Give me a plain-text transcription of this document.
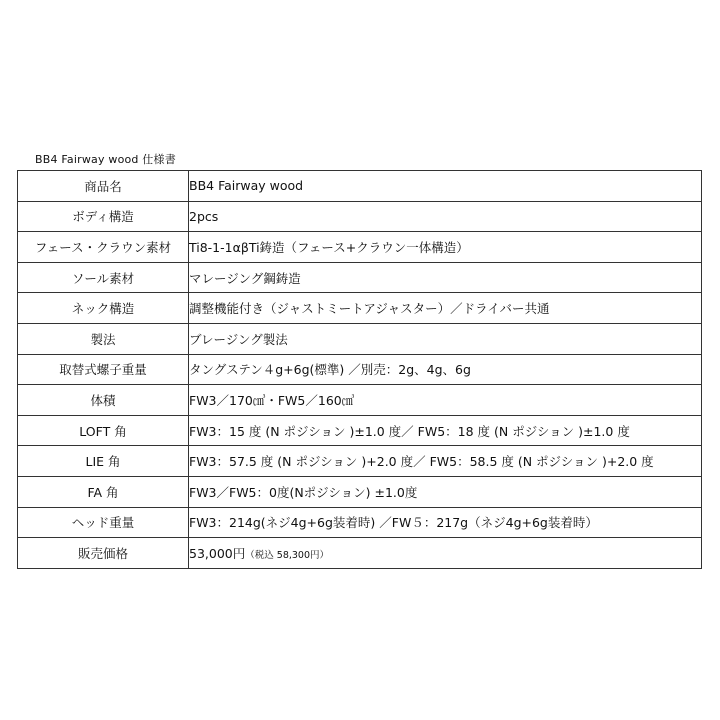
BB4 Fairway wood 仕様書
商品名	BB4 Fairway wood
ボディ構造	2pcs
フェース・クラウン素材	Ti8-1-1αβTi鋳造（フェース+クラウン一体構造）
ソール素材	マレージング鋼鋳造
ネック構造	調整機能付き（ジャストミートアジャスター）／ドライバー共通
製法	ブレージング製法
取替式螺子重量	タングステン４g+6g(標準) ／別売：2g、4g、6g
体積	FW3／170㎤・FW5／160㎤
LOFT 角	FW3：15 度 (N ポジション )±1.0 度／ FW5：18 度 (N ポジション )±1.0 度
LIE 角	FW3：57.5 度 (N ポジション )+2.0 度／ FW5：58.5 度 (N ポジション )+2.0 度
FA 角	FW3／FW5：0度(Nポジション) ±1.0度
ヘッド重量	FW3：214g(ネジ4g+6g装着時) ／FW５：217g（ネジ4g+6g装着時）
販売価格	53,000円（税込 58,300円）
